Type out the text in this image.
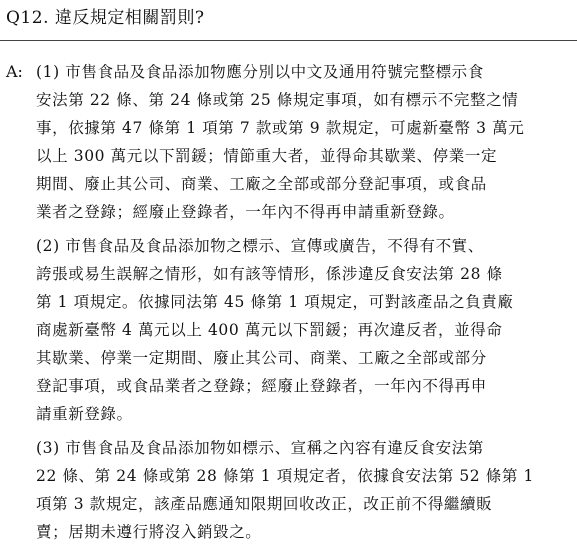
Q12. 違反規定相關罰則?
A: (1) 市售食品及食品添加物應分別以中文及通用符號完整標示食
安法第 22 條、第 24 條或第 25 條規定事項，如有標示不完整之情
事，依據第 47 條第 1 項第 7 款或第 9 款規定，可處新臺幣 3 萬元
以上 300 萬元以下罰鍰；情節重大者，並得命其歇業、停業一定
期間、廢止其公司、商業、工廠之全部或部分登記事項，或食品
業者之登錄；經廢止登錄者，一年內不得再申請重新登錄。
(2) 市售食品及食品添加物之標示、宣傳或廣告，不得有不實、
誇張或易生誤解之情形，如有該等情形，係涉違反食安法第 28 條
第 1 項規定。依據同法第 45 條第 1 項規定，可對該產品之負責廠
商處新臺幣 4 萬元以上 400 萬元以下罰鍰；再次違反者，並得命
其歇業、停業一定期間、廢止其公司、商業、工廠之全部或部分
登記事項，或食品業者之登錄；經廢止登錄者，一年內不得再申
請重新登錄。
(3) 市售食品及食品添加物如標示、宣稱之內容有違反食安法第
22 條、第 24 條或第 28 條第 1 項規定者，依據食安法第 52 條第 1
項第 3 款規定，該產品應通知限期回收改正，改正前不得繼續販
賣；居期未遵行將沒入銷毀之。
